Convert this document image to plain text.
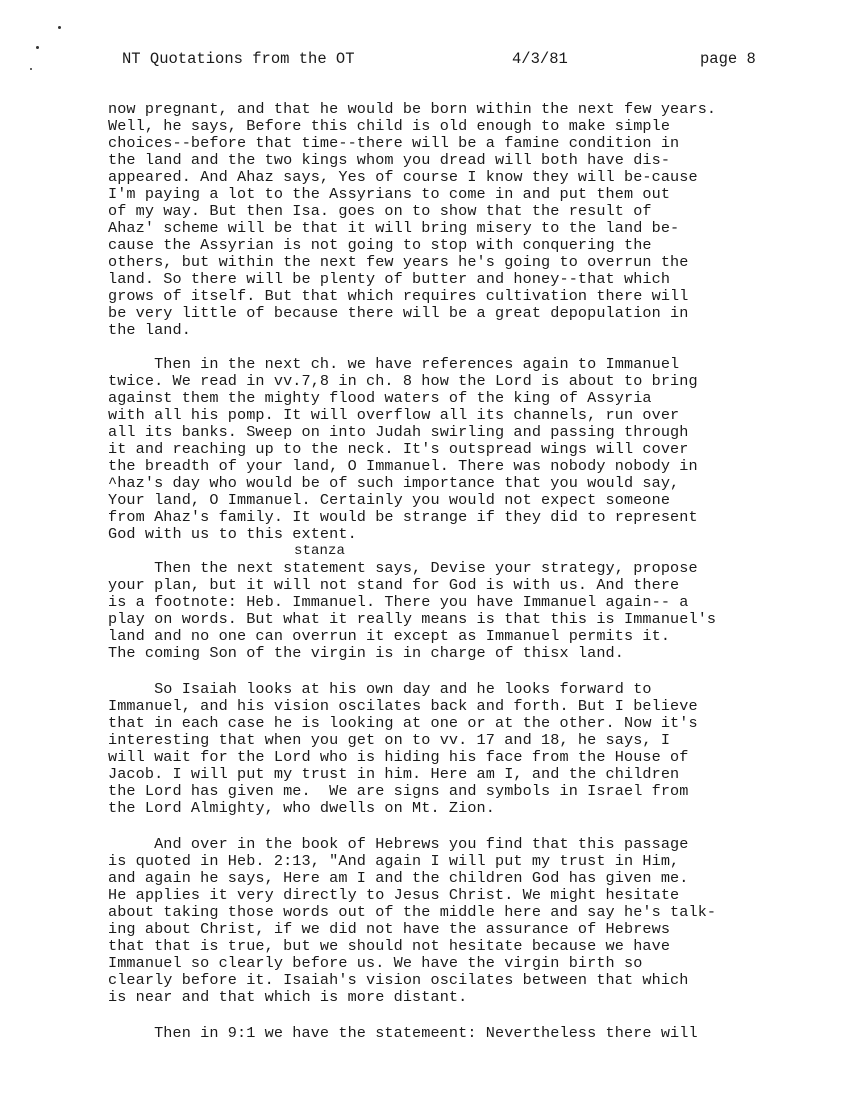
NT Quotations from the OT	4/3/81	page 8
now pregnant, and that he would be born within the next few years.
Well, he says, Before this child is old enough to make simple
choices--before that time--there will be a famine condition in
the land and the two kings whom you dread will both have dis-
appeared. And Ahaz says, Yes of course I know they will be-cause
I'm paying a lot to the Assyrians to come in and put them out
of my way. But then Isa. goes on to show that the result of
Ahaz' scheme will be that it will bring misery to the land be-
cause the Assyrian is not going to stop with conquering the
others, but within the next few years he's going to overrun the
land. So there will be plenty of butter and honey--that which
grows of itself. But that which requires cultivation there will
be very little of because there will be a great depopulation in
the land.
Then in the next ch. we have references again to Immanuel
twice. We read in vv.7,8 in ch. 8 how the Lord is about to bring
against them the mighty flood waters of the king of Assyria
with all his pomp. It will overflow all its channels, run over
all its banks. Sweep on into Judah swirling and passing through
it and reaching up to the neck. It's outspread wings will cover
the breadth of your land, O Immanuel. There was nobody nobody in
^haz's day who would be of such importance that you would say,
Your land, O Immanuel. Certainly you would not expect someone
from Ahaz's family. It would be strange if they did to represent
God with us to this extent.
stanza
Then the next statement says, Devise your strategy, propose
your plan, but it will not stand for God is with us. And there
is a footnote: Heb. Immanuel. There you have Immanuel again-- a
play on words. But what it really means is that this is Immanuel's
land and no one can overrun it except as Immanuel permits it.
The coming Son of the virgin is in charge of thisx land.
So Isaiah looks at his own day and he looks forward to
Immanuel, and his vision oscilates back and forth. But I believe
that in each case he is looking at one or at the other. Now it's
interesting that when you get on to vv. 17 and 18, he says, I
will wait for the Lord who is hiding his face from the House of
Jacob. I will put my trust in him. Here am I, and the children
the Lord has given me.  We are signs and symbols in Israel from
the Lord Almighty, who dwells on Mt. Zion.
And over in the book of Hebrews you find that this passage
is quoted in Heb. 2:13, "And again I will put my trust in Him,
and again he says, Here am I and the children God has given me.
He applies it very directly to Jesus Christ. We might hesitate
about taking those words out of the middle here and say he's talk-
ing about Christ, if we did not have the assurance of Hebrews
that that is true, but we should not hesitate because we have
Immanuel so clearly before us. We have the virgin birth so
clearly before it. Isaiah's vision oscilates between that which
is near and that which is more distant.
Then in 9:1 we have the statemeent: Nevertheless there will
